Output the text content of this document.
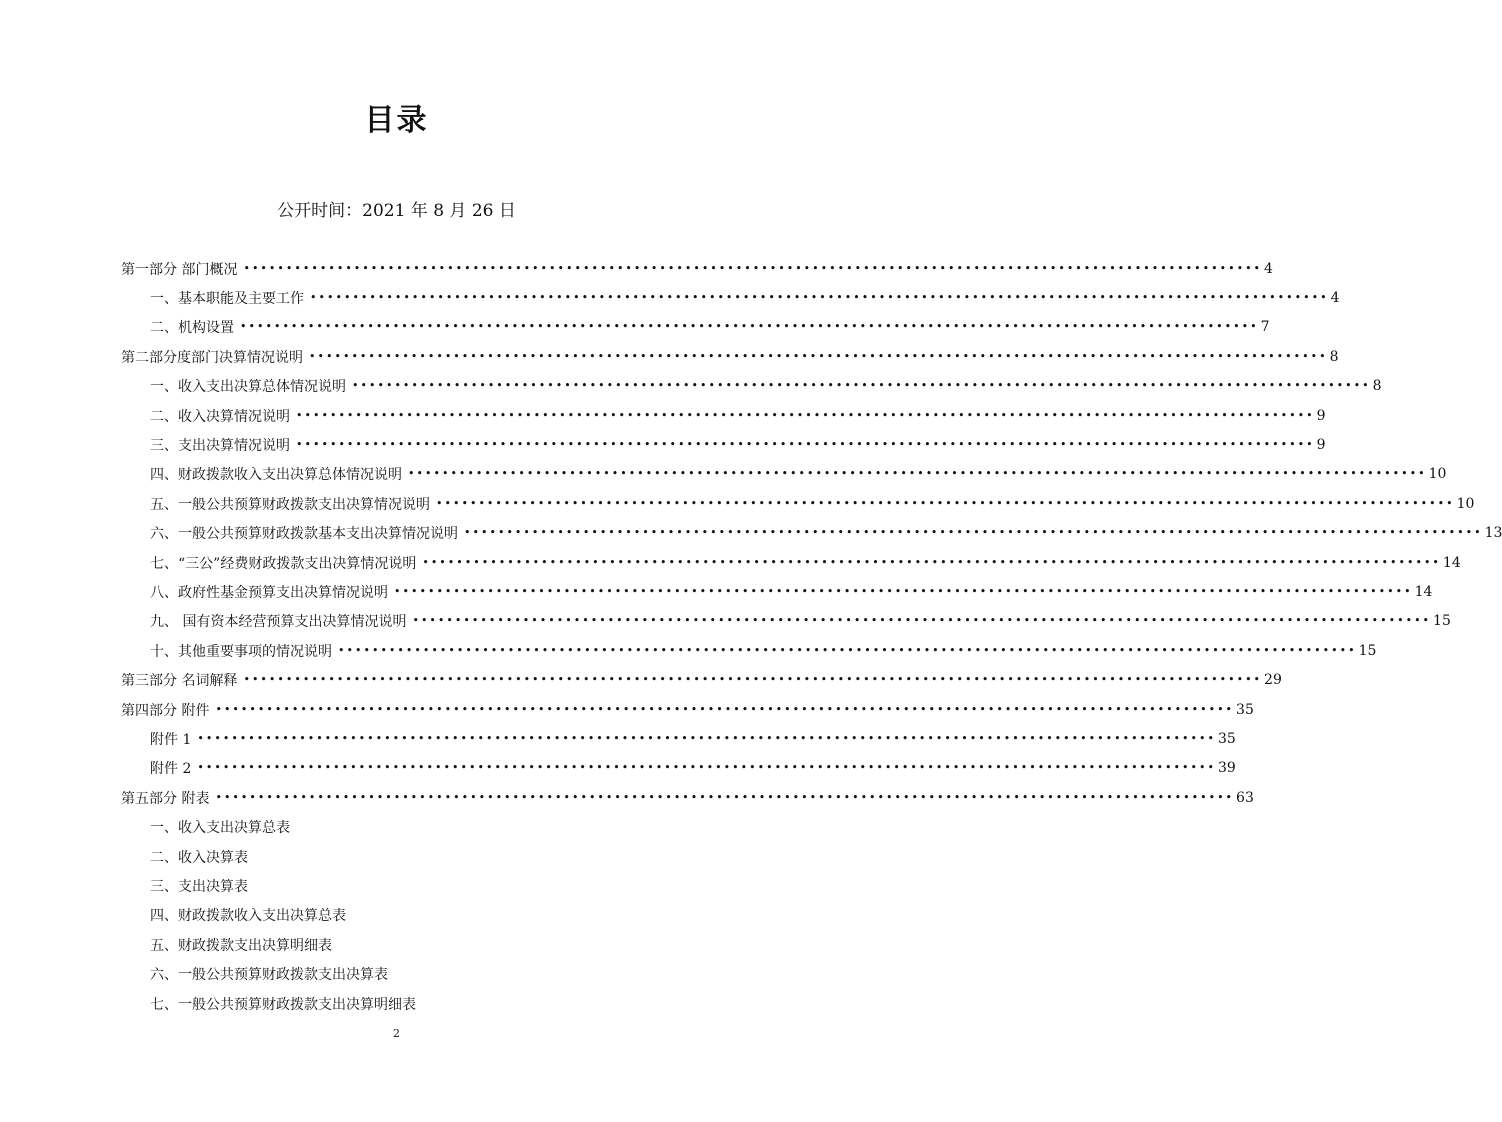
目录
公开时间：2021 年 8 月 26 日
第一部分 部门概况 •••••••••••••••••••••••••••••••••••••••••••••••••••••••••••••••••••••••••••••••••••••••••••••••••••••••••••••••••••••••• 4
一、基本职能及主要工作 •••••••••••••••••••••••••••••••••••••••••••••••••••••••••••••••••••••••••••••••••••••••••••••••••••••••••••••••••••••••• 4
二、机构设置 •••••••••••••••••••••••••••••••••••••••••••••••••••••••••••••••••••••••••••••••••••••••••••••••••••••••••••••••••••••••• 7
第二部分度部门决算情况说明 •••••••••••••••••••••••••••••••••••••••••••••••••••••••••••••••••••••••••••••••••••••••••••••••••••••••••••••••••••••••• 8
一、收入支出决算总体情况说明 •••••••••••••••••••••••••••••••••••••••••••••••••••••••••••••••••••••••••••••••••••••••••••••••••••••••••••••••••••••••• 8
二、收入决算情况说明 •••••••••••••••••••••••••••••••••••••••••••••••••••••••••••••••••••••••••••••••••••••••••••••••••••••••••••••••••••••••• 9
三、支出决算情况说明 •••••••••••••••••••••••••••••••••••••••••••••••••••••••••••••••••••••••••••••••••••••••••••••••••••••••••••••••••••••••• 9
四、财政拨款收入支出决算总体情况说明 •••••••••••••••••••••••••••••••••••••••••••••••••••••••••••••••••••••••••••••••••••••••••••••••••••••••••••••••••••••••• 10
五、一般公共预算财政拨款支出决算情况说明 •••••••••••••••••••••••••••••••••••••••••••••••••••••••••••••••••••••••••••••••••••••••••••••••••••••••••••••••••••••••• 10
六、一般公共预算财政拨款基本支出决算情况说明 •••••••••••••••••••••••••••••••••••••••••••••••••••••••••••••••••••••••••••••••••••••••••••••••••••••••••••••••••••••••• 13
七、“三公”经费财政拨款支出决算情况说明 •••••••••••••••••••••••••••••••••••••••••••••••••••••••••••••••••••••••••••••••••••••••••••••••••••••••••••••••••••••••• 14
八、政府性基金预算支出决算情况说明 •••••••••••••••••••••••••••••••••••••••••••••••••••••••••••••••••••••••••••••••••••••••••••••••••••••••••••••••••••••••• 14
九、 国有资本经营预算支出决算情况说明 •••••••••••••••••••••••••••••••••••••••••••••••••••••••••••••••••••••••••••••••••••••••••••••••••••••••••••••••••••••••• 15
十、其他重要事项的情况说明 •••••••••••••••••••••••••••••••••••••••••••••••••••••••••••••••••••••••••••••••••••••••••••••••••••••••••••••••••••••••• 15
第三部分 名词解释 •••••••••••••••••••••••••••••••••••••••••••••••••••••••••••••••••••••••••••••••••••••••••••••••••••••••••••••••••••••••• 29
第四部分 附件 •••••••••••••••••••••••••••••••••••••••••••••••••••••••••••••••••••••••••••••••••••••••••••••••••••••••••••••••••••••••• 35
附件 1 •••••••••••••••••••••••••••••••••••••••••••••••••••••••••••••••••••••••••••••••••••••••••••••••••••••••••••••••••••••••• 35
附件 2 •••••••••••••••••••••••••••••••••••••••••••••••••••••••••••••••••••••••••••••••••••••••••••••••••••••••••••••••••••••••• 39
第五部分 附表 •••••••••••••••••••••••••••••••••••••••••••••••••••••••••••••••••••••••••••••••••••••••••••••••••••••••••••••••••••••••• 63
一、收入支出决算总表
二、收入决算表
三、支出决算表
四、财政拨款收入支出决算总表
五、财政拨款支出决算明细表
六、一般公共预算财政拨款支出决算表
七、一般公共预算财政拨款支出决算明细表
2
